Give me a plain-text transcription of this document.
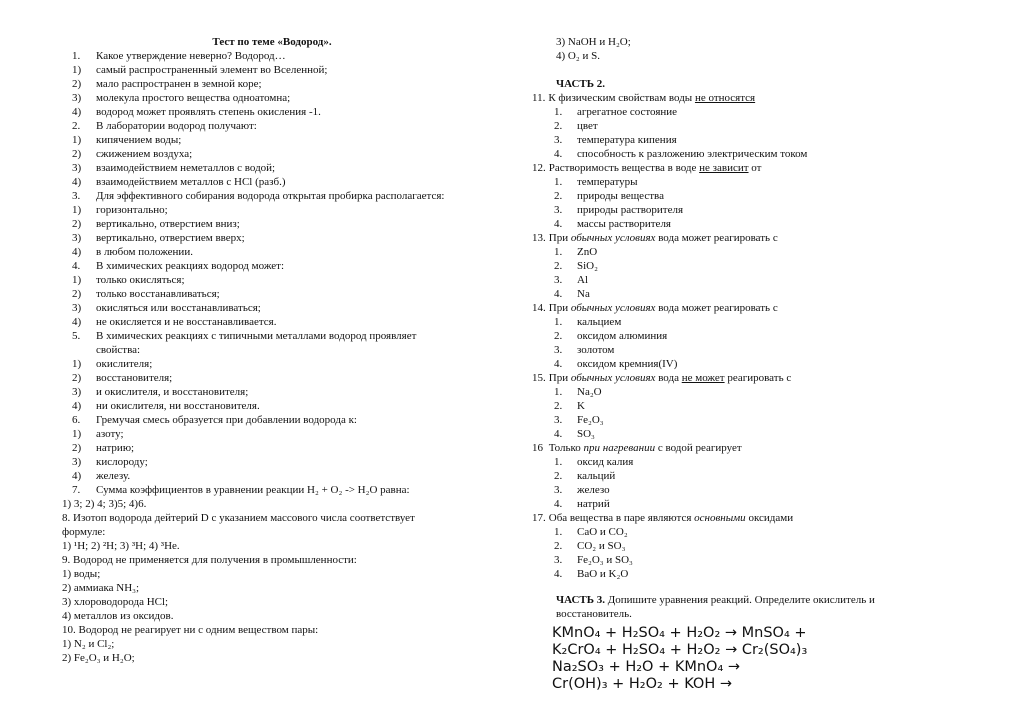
Тест по теме «Водород».
1. Какое утверждение неверно? Водород…
1) самый распространенный элемент во Вселенной;
2) мало распространен в земной коре;
3) молекула простого вещества одноатомна;
4) водород может проявлять степень окисления -1.
2. В лаборатории водород получают:
1) кипячением воды;
2) сжижением воздуха;
3) взаимодействием неметаллов с водой;
4) взаимодействием металлов с HCl (разб.)
3. Для эффективного собирания водорода открытая пробирка располагается:
1) горизонтально;
2) вертикально, отверстием вниз;
3) вертикально, отверстием вверх;
4) в любом положении.
4. В химических реакциях водород может:
1) только окисляться;
2) только восстанавливаться;
3) окисляться или восстанавливаться;
4) не окисляется и не восстанавливается.
5. В химических реакциях с типичными металлами водород проявляет
свойства:
1) окислителя;
2) восстановителя;
3) и окислителя, и восстановителя;
4) ни окислителя, ни восстановителя.
6. Гремучая смесь образуется при добавлении водорода к:
1) азоту;
2) натрию;
3) кислороду;
4) железу.
7. Сумма коэффициентов в уравнении реакции H₂ + O₂ -> H₂O равна:
1) 3; 2) 4; 3)5; 4)6.
8. Изотоп водорода дейтерий D с указанием массового числа соответствует
формуле:
1) ¹H; 2) ²H; 3) ³H; 4) ³He.
9. Водород не применяется для получения в промышленности:
1) воды;
2) аммиака NH₃;
3) хлороводорода HCl;
4) металлов из оксидов.
10. Водород не реагирует ни с одним веществом пары:
1) N₂ и Cl₂;
2) Fe₂O₃ и H₂O;
3) NaOH и H₂O;
4) O₂ и S.
ЧАСТЬ 2.
11. К физическим свойствам воды не относятся
1. агрегатное состояние
2. цвет
3. температура кипения
4. способность к разложению электрическим током
12. Растворимость вещества в воде не зависит от
1. температуры
2. природы вещества
3. природы растворителя
4. массы растворителя
13. При обычных условиях вода может реагировать с
1. ZnO
2. SiO₂
3. Al
4. Na
14. При обычных условиях вода может реагировать с
1. кальцием
2. оксидом алюминия
3. золотом
4. оксидом кремния(IV)
15. При обычных условиях вода не может реагировать с
1. Na₂O
2. K
3. Fe₂O₃
4. SO₃
16 Только при нагревании с водой реагирует
1. оксид калия
2. кальций
3. железо
4. натрий
17. Оба вещества в паре являются основными оксидами
1. CaO и CO₂
2. CO₂ и SO₃
3. Fe₂O₃ и SO₃
4. BaO и K₂O
ЧАСТЬ 3. Допишите уравнения реакций. Определите окислитель и
восстановитель.
KMnO₄ + H₂SO₄ + H₂O₂ → MnSO₄ +
K₂CrO₄ + H₂SO₄ + H₂O₂ → Cr₂(SO₄)₃
Na₂SO₃ + H₂O + KMnO₄ →
Cr(OH)₃ + H₂O₂ + KOH →
